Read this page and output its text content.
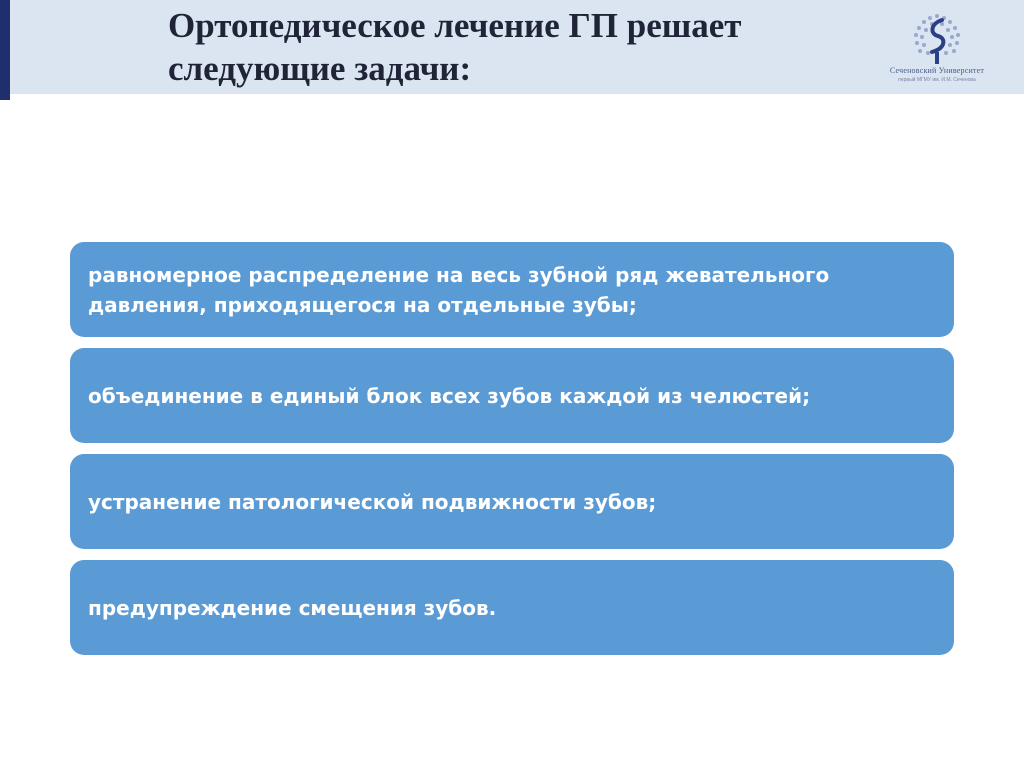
Ортопедическое лечение ГП решает следующие задачи:	Сеченовский Университет
первый МГМУ им. И.М. Сеченова
равномерное распределение на весь зубной ряд жевательного давления, приходящегося на отдельные зубы;
объединение в единый блок всех зубов каждой из челюстей;
устранение патологической подвижности зубов;
предупреждение смещения зубов.
